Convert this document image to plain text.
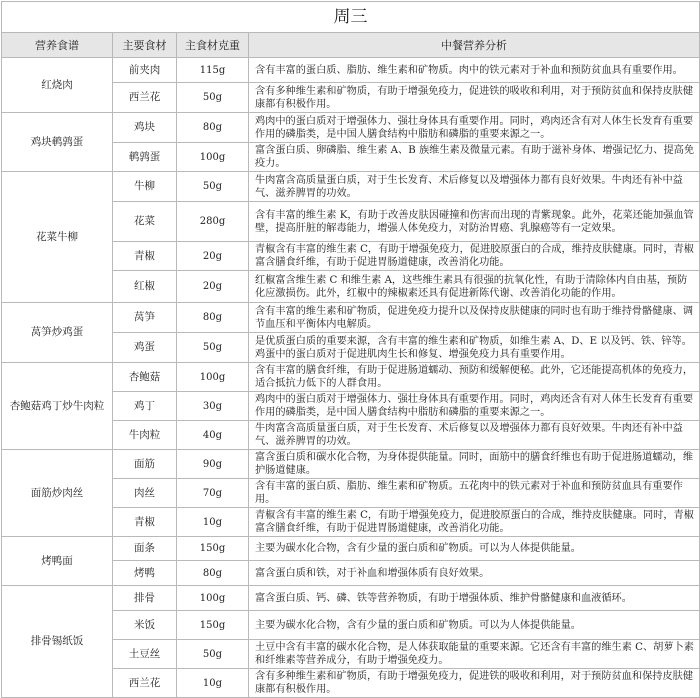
周三			
营养食谱	主要食材	主食材克重	中餐营养分析
红烧肉	前夹肉	115g	含有丰富的蛋白质、脂肪、维生素和矿物质。肉中的铁元素对于补血和预防贫血具有重要作用。
	西兰花	50g	含有多种维生素和矿物质，有助于增强免疫力，促进铁的吸收和利用，对于预防贫血和保持皮肤健康都有积极作用。
鸡块鹌鹑蛋	鸡块	80g	鸡肉中的蛋白质对于增强体力、强壮身体具有重要作用。同时，鸡肉还含有对人体生长发育有重要作用的磷脂类，是中国人膳食结构中脂肪和磷脂的重要来源之一。
	鹌鹑蛋	100g	富含蛋白质、卵磷脂、维生素 A、B 族维生素及微量元素。有助于滋补身体、增强记忆力、提高免疫力。
花菜牛柳	牛柳	50g	牛肉富含高质量蛋白质，对于生长发育、术后修复以及增强体力都有良好效果。牛肉还有补中益气、滋养脾胃的功效。
	花菜	280g	含有丰富的维生素 K，有助于改善皮肤因碰撞和伤害而出现的青紫现象。此外，花菜还能加强血管壁，提高肝脏的解毒能力，增强人体免疫力，对防治胃癌、乳腺癌等有一定效果。
	青椒	20g	青椒含有丰富的维生素 C，有助于增强免疫力，促进胶原蛋白的合成，维持皮肤健康。同时，青椒富含膳食纤维，有助于促进胃肠道健康，改善消化功能。
	红椒	20g	红椒富含维生素 C 和维生素 A，这些维生素具有很强的抗氧化性，有助于清除体内自由基，预防化应激损伤。此外，红椒中的辣椒素还具有促进新陈代谢、改善消化功能的作用。
莴笋炒鸡蛋	莴笋	80g	含有丰富的维生素和矿物质，促进免疫力提升以及保持皮肤健康的同时也有助于维持骨骼健康、调节血压和平衡体内电解质。
	鸡蛋	50g	是优质蛋白质的重要来源，含有丰富的维生素和矿物质，如维生素 A、D、E 以及钙、铁、锌等。鸡蛋中的蛋白质对于促进肌肉生长和修复、增强免疫力具有重要作用。
杏鲍菇鸡丁炒牛肉粒	杏鲍菇	100g	含有丰富的膳食纤维，有助于促进肠道蠕动、预防和缓解便秘。此外，它还能提高机体的免疫力，适合抵抗力低下的人群食用。
	鸡丁	30g	鸡肉中的蛋白质对于增强体力、强壮身体具有重要作用。同时，鸡肉还含有对人体生长发育有重要作用的磷脂类，是中国人膳食结构中脂肪和磷脂的重要来源之一。
	牛肉粒	40g	牛肉富含高质量蛋白质，对于生长发育、术后修复以及增强体力都有良好效果。牛肉还有补中益气、滋养脾胃的功效。
面筋炒肉丝	面筋	90g	富含蛋白质和碳水化合物，为身体提供能量。同时，面筋中的膳食纤维也有助于促进肠道蠕动，维护肠道健康。
	肉丝	70g	含有丰富的蛋白质、脂肪、维生素和矿物质。五花肉中的铁元素对于补血和预防贫血具有重要作用。
	青椒	10g	青椒含有丰富的维生素 C，有助于增强免疫力，促进胶原蛋白的合成，维持皮肤健康。同时，青椒富含膳食纤维，有助于促进胃肠道健康，改善消化功能。
烤鸭面	面条	150g	主要为碳水化合物，含有少量的蛋白质和矿物质。可以为人体提供能量。
	烤鸭	80g	富含蛋白质和铁，对于补血和增强体质有良好效果。
排骨锡纸饭	排骨	100g	富含蛋白质、钙、磷、铁等营养物质，有助于增强体质、维护骨骼健康和血液循环。
	米饭	150g	主要为碳水化合物，含有少量的蛋白质和矿物质。可以为人体提供能量。
	土豆丝	50g	土豆中含有丰富的碳水化合物，是人体获取能量的重要来源。它还含有丰富的维生素 C、胡萝卜素和纤维素等营养成分，有助于增强免疫力。
	西兰花	10g	含有多种维生素和矿物质，有助于增强免疫力，促进铁的吸收和利用，对于预防贫血和保持皮肤健康都有积极作用。
